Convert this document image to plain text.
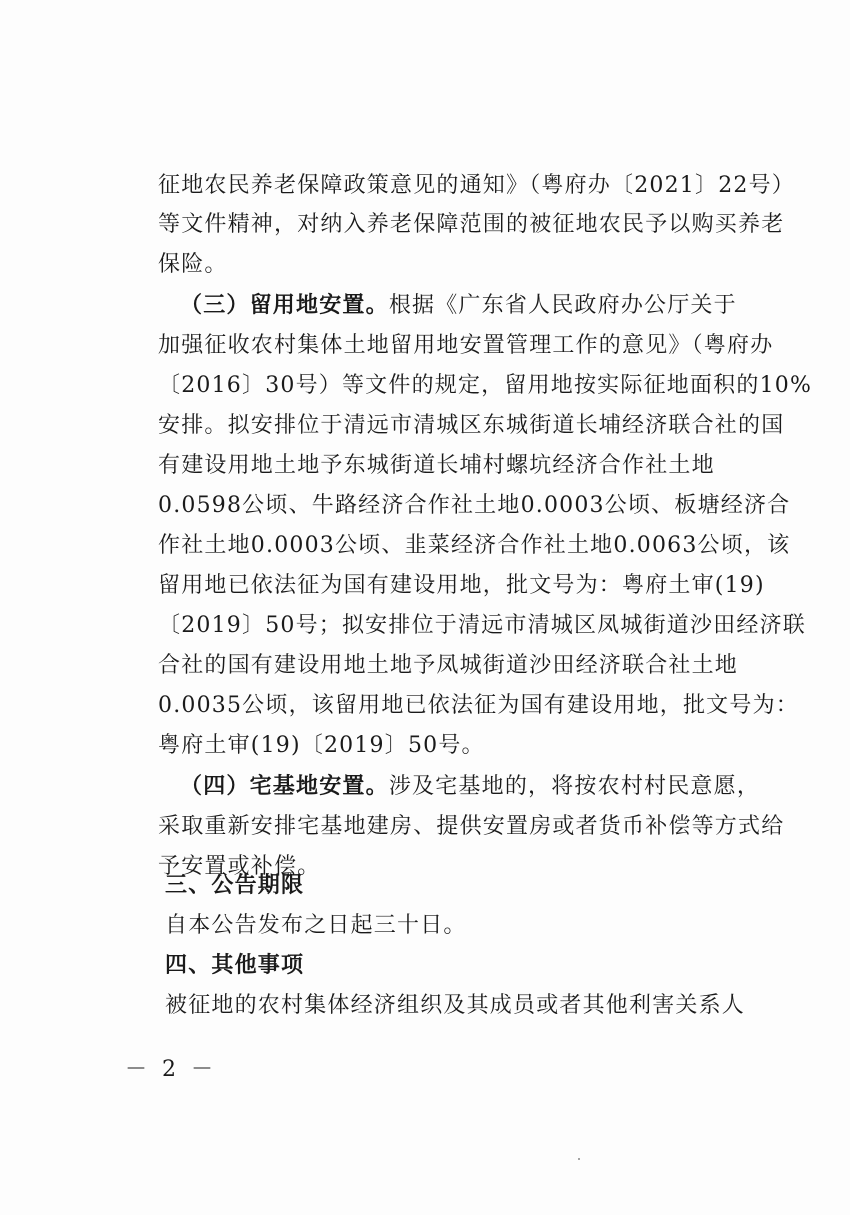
征地农民养老保障政策意见的通知》（粤府办〔2021〕22号）
等文件精神，对纳入养老保障范围的被征地农民予以购买养老
保险。
（三）留用地安置。根据《广东省人民政府办公厅关于
加强征收农村集体土地留用地安置管理工作的意见》（粤府办
〔2016〕30号）等文件的规定，留用地按实际征地面积的10%
安排。拟安排位于清远市清城区东城街道长埔经济联合社的国
有建设用地土地予东城街道长埔村螺坑经济合作社土地
0.0598公顷、牛路经济合作社土地0.0003公顷、板塘经济合
作社土地0.0003公顷、韭菜经济合作社土地0.0063公顷，该
留用地已依法征为国有建设用地，批文号为：粤府土审(19)
〔2019〕50号；拟安排位于清远市清城区凤城街道沙田经济联
合社的国有建设用地土地予凤城街道沙田经济联合社土地
0.0035公顷，该留用地已依法征为国有建设用地，批文号为：
粤府土审(19)〔2019〕50号。
（四）宅基地安置。涉及宅基地的，将按农村村民意愿，
采取重新安排宅基地建房、提供安置房或者货币补偿等方式给
予安置或补偿。
三、公告期限
自本公告发布之日起三十日。
四、其他事项
被征地的农村集体经济组织及其成员或者其他利害关系人
－ 2 －
